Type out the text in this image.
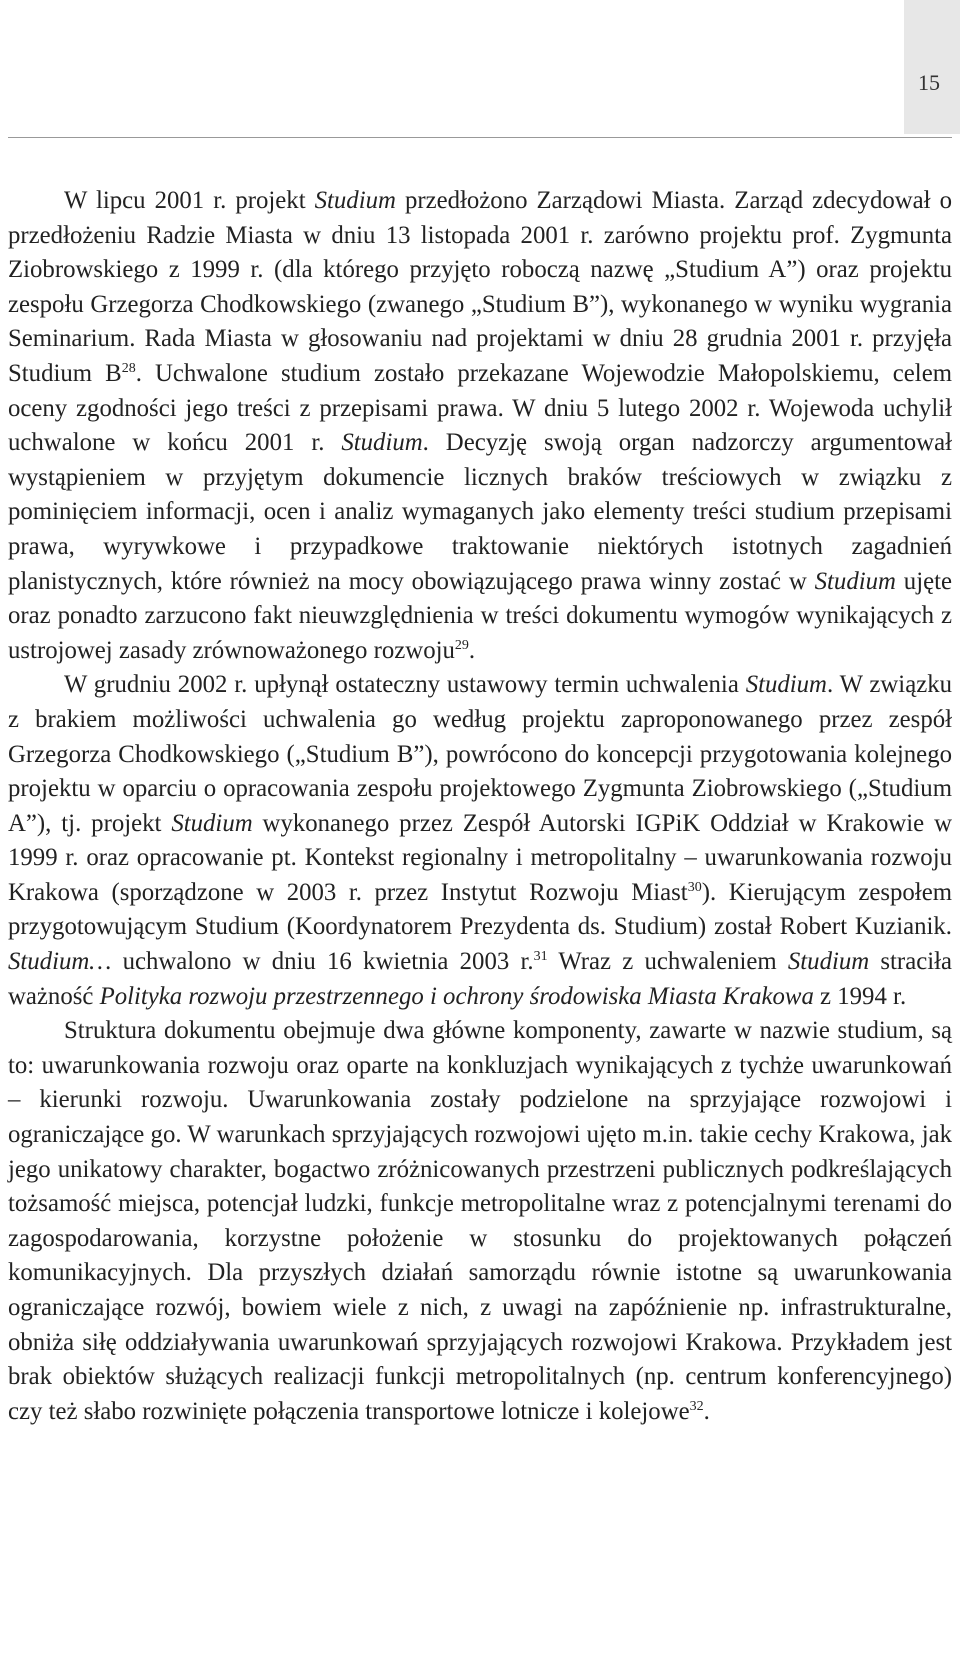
15

W lipcu 2001 r. projekt Studium przedłożono Zarządowi Miasta. Zarząd zdecydował o przedłożeniu Radzie Miasta w dniu 13 listopada 2001 r. zarówno projektu prof. Zygmunta Ziobrowskiego z 1999 r. (dla którego przyjęto roboczą nazwę „Studium A”) oraz projektu zespołu Grzegorza Chodkowskiego (zwanego „Studium B”), wykonanego w wyniku wygrania Seminarium. Rada Miasta w głosowaniu nad projektami w dniu 28 grudnia 2001 r. przyjęła Studium $B^{28}$. Uchwalone studium zostało przekazane Wojewodzie Małopolskiemu, celem oceny zgodności jego treści z przepisami prawa. W dniu 5 lutego 2002 r. Wojewoda uchylił uchwalone w końcu 2001 r. Studium. Decyzję swoją organ nadzorczy argumentował wystąpieniem w przyjętym dokumencie licznych braków treściowych w związku z pominięciem informacji, ocen i analiz wymaganych jako elementy treści studium przepisami prawa, wyrywkowe i przypadkowe traktowanie niektórych istotnych zagadnień planistycznych, które również na mocy obowiązującego prawa winny zostać w Studium ujęte oraz ponadto zarzucono fakt nieuwzględnienia w treści dokumentu wymogów wynikających z ustrojowej zasady zrównoważonego rozwoju$^{29}$.

W grudniu 2002 r. upłynął ostateczny ustawowy termin uchwalenia Studium. W związku z brakiem możliwości uchwalenia go według projektu zaproponowanego przez zespół Grzegorza Chodkowskiego („Studium B”), powrócono do koncepcji przygotowania kolejnego projektu w oparciu o opracowania zespołu projektowego Zygmunta Ziobrowskiego („Studium A”), tj. projekt Studium wykonanego przez Zespół Autorski IGPiK Oddział w Krakowie w 1999 r. oraz opracowanie pt. Kontekst regionalny i metropolitalny – uwarunkowania rozwoju Krakowa (sporządzone w 2003 r. przez Instytut Rozwoju Miast$^{30}$). Kierującym zespołem przygotowującym Studium (Koordynatorem Prezydenta ds. Studium) został Robert Kuzianik. Studium… uchwalono w dniu 16 kwietnia 2003 r.$^{31}$ Wraz z uchwaleniem Studium straciła ważność Polityka rozwoju przestrzennego i ochrony środowiska Miasta Krakowa z 1994 r.

Struktura dokumentu obejmuje dwa główne komponenty, zawarte w nazwie studium, są to: uwarunkowania rozwoju oraz oparte na konkluzjach wynikających z tychże uwarunkowań – kierunki rozwoju. Uwarunkowania zostały podzielone na sprzyjające rozwojowi i ograniczające go. W warunkach sprzyjających rozwojowi ujęto m.in. takie cechy Krakowa, jak jego unikatowy charakter, bogactwo zróżnicowanych przestrzeni publicznych podkreślających tożsamość miejsca, potencjał ludzki, funkcje metropolitalne wraz z potencjalnymi terenami do zagospodarowania, korzystne położenie w stosunku do projektowanych połączeń komunikacyjnych. Dla przyszłych działań samorządu równie istotne są uwarunkowania ograniczające rozwój, bowiem wiele z nich, z uwagi na zapóźnienie np. infrastrukturalne, obniża siłę oddziaływania uwarunkowań sprzyjających rozwojowi Krakowa. Przykładem jest brak obiektów służących realizacji funkcji metropolitalnych (np. centrum konferencyjnego) czy też słabo rozwinięte połączenia transportowe lotnicze i kolejowe$^{32}$.
